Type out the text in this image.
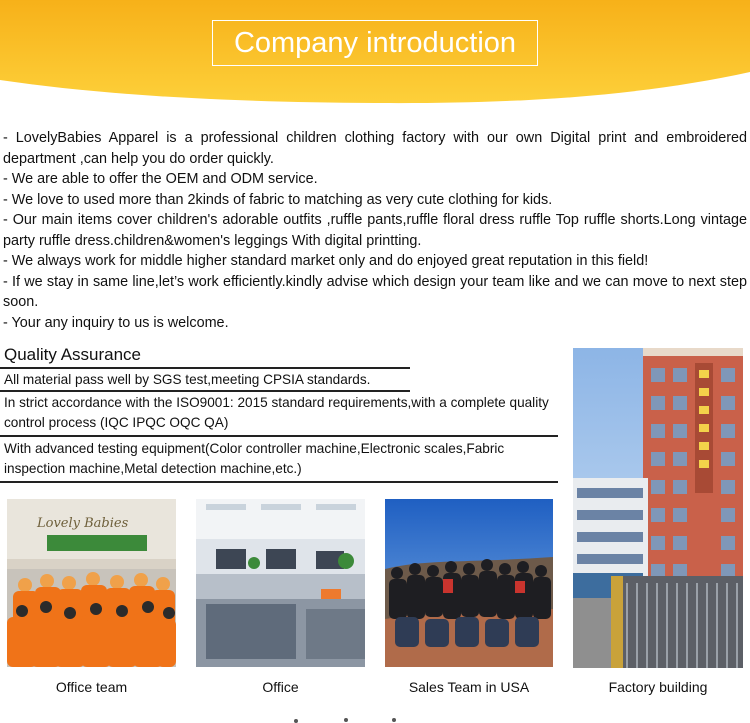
Company introduction

- LovelyBabies Apparel is a professional children clothing factory with our own Digital print and embroidered department ,can help you do order quickly.

- We are able to offer the OEM and ODM service.

- We love to used more than 2kinds of fabric to matching as very cute clothing for kids.

- Our main items cover children's adorable outfits ,ruffle pants,ruffle floral dress ruffle Top ruffle shorts.Long vintage party ruffle dress.children&women's leggings With digital printting.

- We always work for middle higher standard market only and do enjoyed great reputation in this field!

- If we stay in same line,let’s work efficiently.kindly advise which design your team like and we can move to next step soon.

- Your any inquiry to us is welcome.

Quality Assurance
All material pass well by SGS test,meeting CPSIA standards.
In strict accordance with the ISO9001: 2015 standard requirements,with a complete quality control process (IQC IPQC OQC QA)
With advanced testing equipment(Color controller machine,Electronic scales,Fabric inspection machine,Metal detection machine,etc.)
Lovely Babies
Office team	Office	Sales Team in USA	Factory building
